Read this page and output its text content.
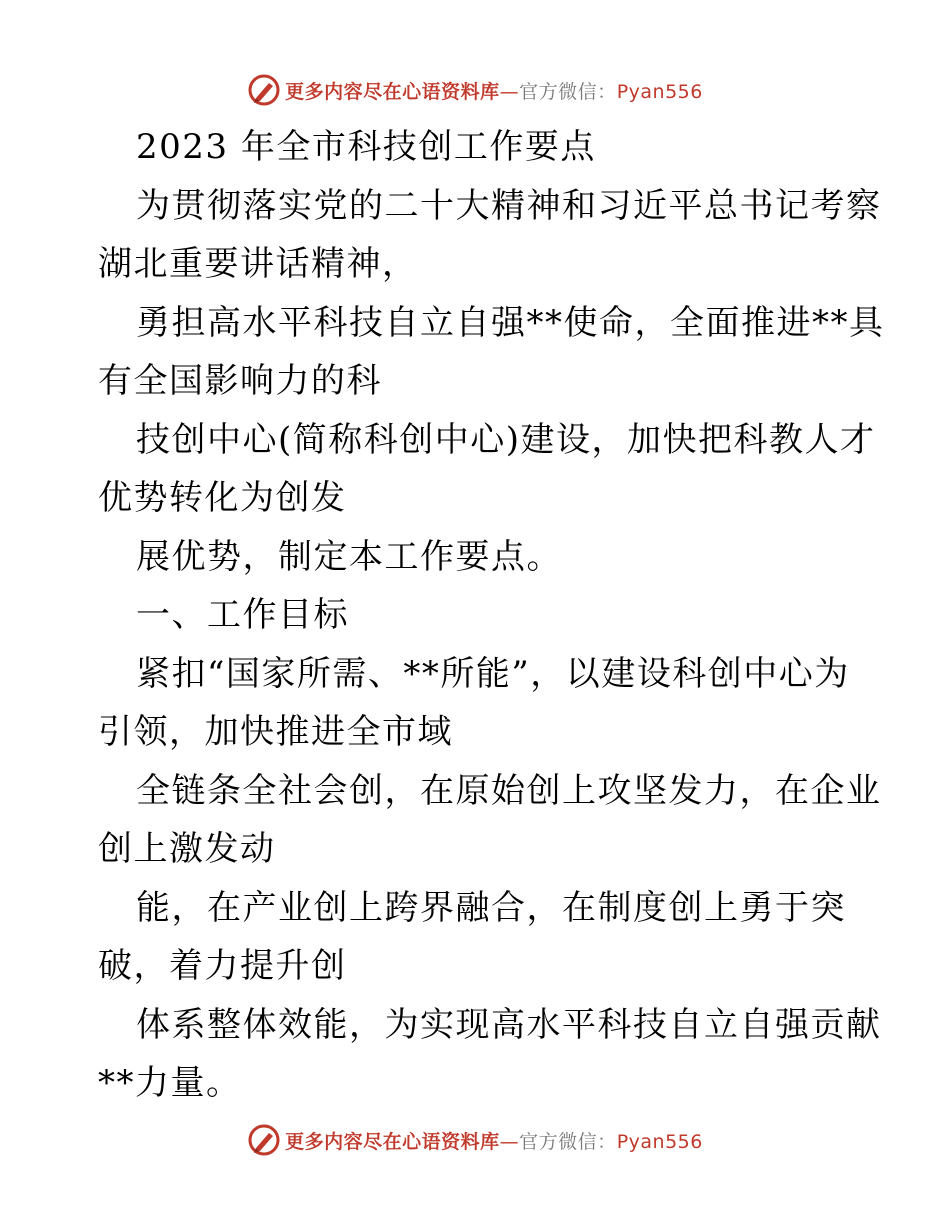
更多内容尽在心语资料库—官方微信：Pyan556
2023 年全市科技创工作要点
为贯彻落实党的二十大精神和习近平总书记考察
湖北重要讲话精神，
勇担高水平科技自立自强**使命，全面推进**具
有全国影响力的科
技创中心(简称科创中心)建设，加快把科教人才
优势转化为创发
展优势，制定本工作要点。
一、工作目标
紧扣“国家所需、**所能”，以建设科创中心为
引领，加快推进全市域
全链条全社会创，在原始创上攻坚发力，在企业
创上激发动
能，在产业创上跨界融合，在制度创上勇于突
破，着力提升创
体系整体效能，为实现高水平科技自立自强贡献
**力量。
更多内容尽在心语资料库—官方微信：Pyan556
